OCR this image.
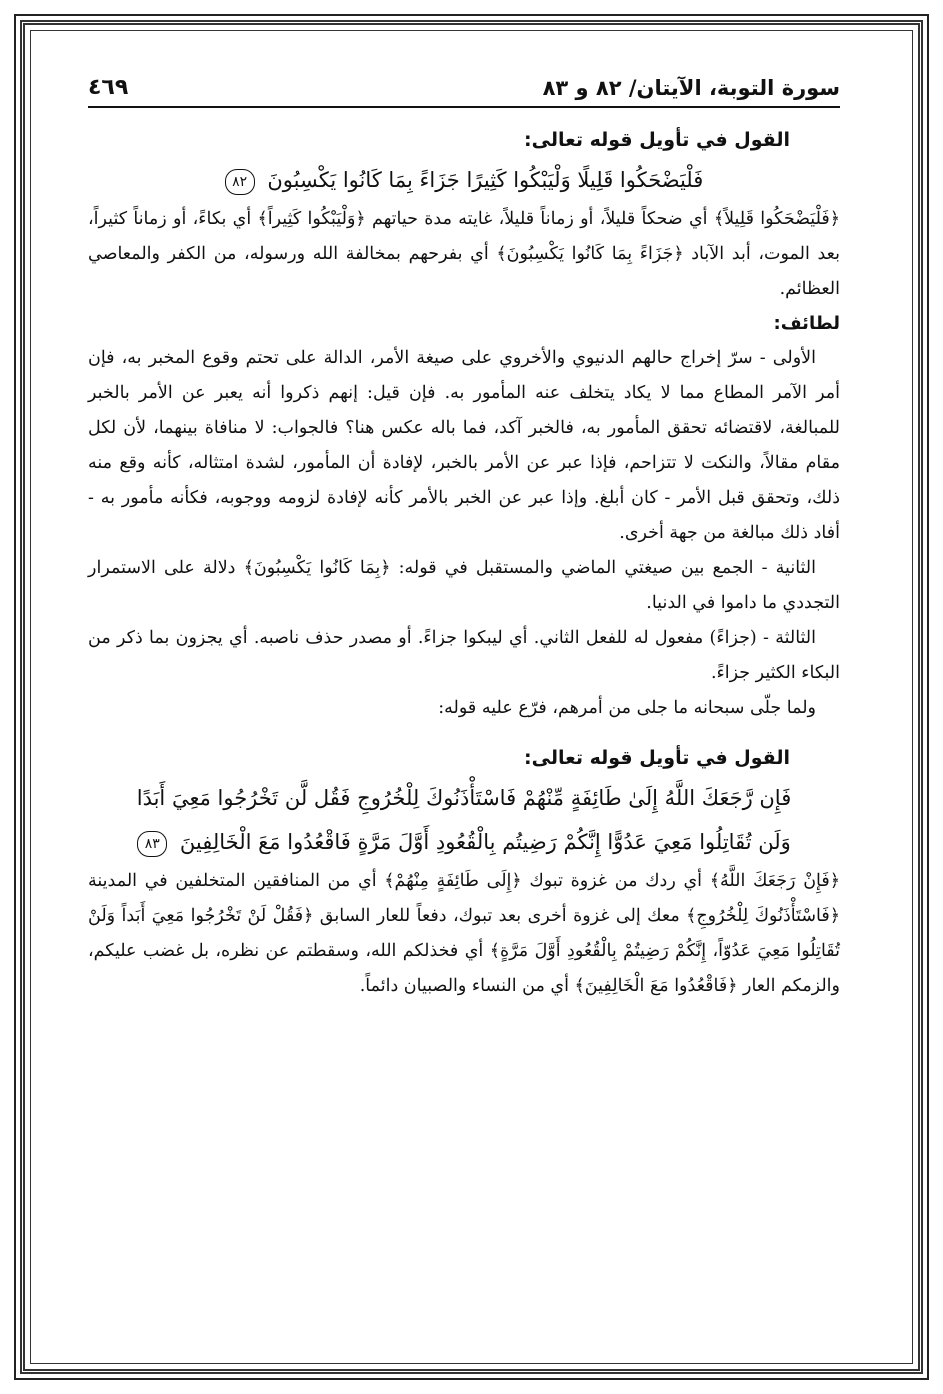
سورة التوبة، الآيتان/ ٨٢ و ٨٣
٤٦٩
القول في تأويل قوله تعالى:
فَلْيَضْحَكُوا قَلِيلًا وَلْيَبْكُوا كَثِيرًا جَزَاءً بِمَا كَانُوا يَكْسِبُونَ ٨٢

﴿فَلْيَضْحَكُوا قَلِيلاً﴾ أي ضحكاً قليلاً، أو زماناً قليلاً، غايته مدة حياتهم ﴿وَلْيَبْكُوا كَثِيراً﴾ أي بكاءً، أو زماناً كثيراً، بعد الموت، أبد الآباد ﴿جَزَاءً بِمَا كَانُوا يَكْسِبُونَ﴾ أي بفرحهم بمخالفة الله ورسوله، من الكفر والمعاصي العظائم.

لطائف:

الأولى - سرّ إخراج حالهم الدنيوي والأخروي على صيغة الأمر، الدالة على تحتم وقوع المخبر به، فإن أمر الآمر المطاع مما لا يكاد يتخلف عنه المأمور به. فإن قيل: إنهم ذكروا أنه يعبر عن الأمر بالخبر للمبالغة، لاقتضائه تحقق المأمور به، فالخبر آكد، فما باله عكس هنا؟ فالجواب: لا منافاة بينهما، لأن لكل مقام مقالاً، والنكت لا تتزاحم، فإذا عبر عن الأمر بالخبر، لإفادة أن المأمور، لشدة امتثاله، كأنه وقع منه ذلك، وتحقق قبل الأمر - كان أبلغ. وإذا عبر عن الخبر بالأمر كأنه لإفادة لزومه ووجوبه، فكأنه مأمور به - أفاد ذلك مبالغة من جهة أخرى.

الثانية - الجمع بين صيغتي الماضي والمستقبل في قوله: ﴿بِمَا كَانُوا يَكْسِبُونَ﴾ دلالة على الاستمرار التجددي ما داموا في الدنيا.

الثالثة - (جزاءً) مفعول له للفعل الثاني. أي ليبكوا جزاءً. أو مصدر حذف ناصبه. أي يجزون بما ذكر من البكاء الكثير جزاءً.

ولما جلّى سبحانه ما جلى من أمرهم، فرّع عليه قوله:

القول في تأويل قوله تعالى:
فَإِن رَّجَعَكَ اللَّهُ إِلَىٰ طَائِفَةٍ مِّنْهُمْ فَاسْتَأْذَنُوكَ لِلْخُرُوجِ فَقُل لَّن تَخْرُجُوا مَعِيَ أَبَدًا
وَلَن تُقَاتِلُوا مَعِيَ عَدُوًّا إِنَّكُمْ رَضِيتُم بِالْقُعُودِ أَوَّلَ مَرَّةٍ فَاقْعُدُوا مَعَ الْخَالِفِينَ ٨٣

﴿فَإِنْ رَجَعَكَ اللَّهُ﴾ أي ردك من غزوة تبوك ﴿إِلَى طَائِفَةٍ مِنْهُمْ﴾ أي من المنافقين المتخلفين في المدينة ﴿فَاسْتَأْذَنُوكَ لِلْخُرُوجِ﴾ معك إلى غزوة أخرى بعد تبوك، دفعاً للعار السابق ﴿فَقُلْ لَنْ تَخْرُجُوا مَعِيَ أَبَداً وَلَنْ تُقَاتِلُوا مَعِيَ عَدُوّاً، إِنَّكُمْ رَضِيتُمْ بِالْقُعُودِ أَوَّلَ مَرَّةٍ﴾ أي فخذلكم الله، وسقطتم عن نظره، بل غضب عليكم، والزمكم العار ﴿فَاقْعُدُوا مَعَ الْخَالِفِينَ﴾ أي من النساء والصبيان دائماً.
